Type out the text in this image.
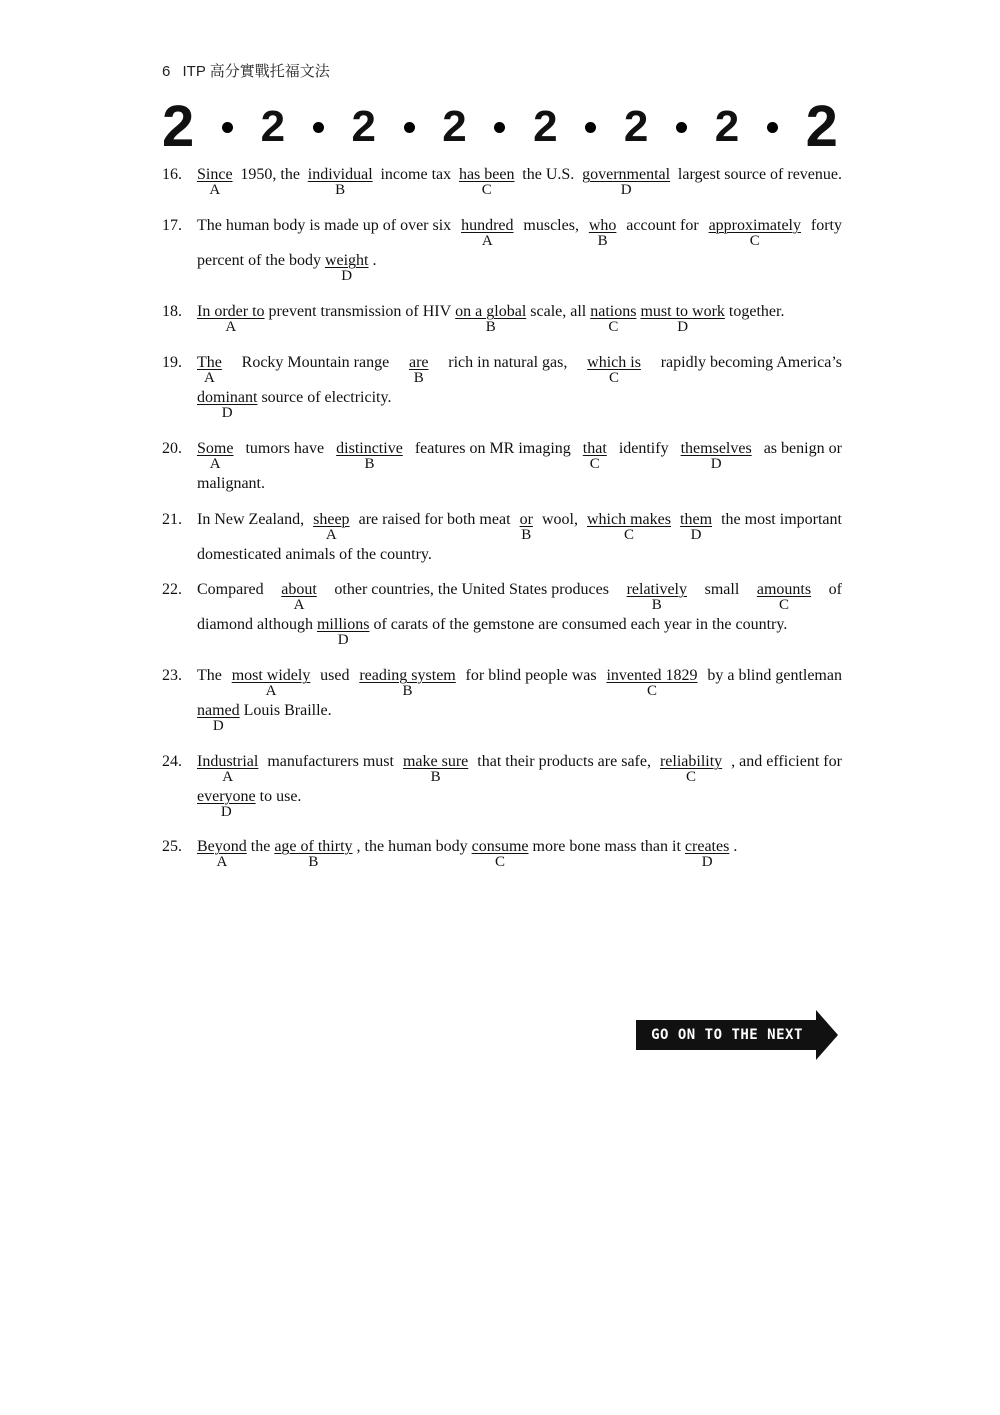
6 ITP 高分實戰托福文法
2 2 2 2 2 2 2 2
16. Since
A
1950, the individual
B
income tax has been
C
the U.S. governmental
D
largest source of revenue.
17. The human body is made up of over six hundred
A
muscles, who
B
account for approximately
C
forty
percent of the body weight
D
.
18. In order to
A
prevent transmission of HIV on a global
B
scale, all nations
C
must to work
D
together.
19. The
A
Rocky Mountain range are
B
rich in natural gas, which is
C
rapidly becoming America’s
dominant
D
source of electricity.
20. Some
A
tumors have distinctive
B
features on MR imaging that
C
identify themselves
D
as benign or
malignant.
21. In New Zealand, sheep
A
are raised for both meat or
B
wool, which makes
C
them
D
the most important
domesticated animals of the country.
22. Compared about
A
other countries, the United States produces relatively
B
small amounts
C
of
diamond although millions
D
of carats of the gemstone are consumed each year in the country.
23. The most widely
A
used reading system
B
for blind people was invented 1829
C
by a blind gentleman
named
D
Louis Braille.
24. Industrial
A
manufacturers must make sure
B
that their products are safe, reliability
C
, and efficient for
everyone
D
to use.
25. Beyond
A
the age of thirty
B
, the human body consume
C
more bone mass than it creates
D
.
GO ON TO THE NEXT PAGE
